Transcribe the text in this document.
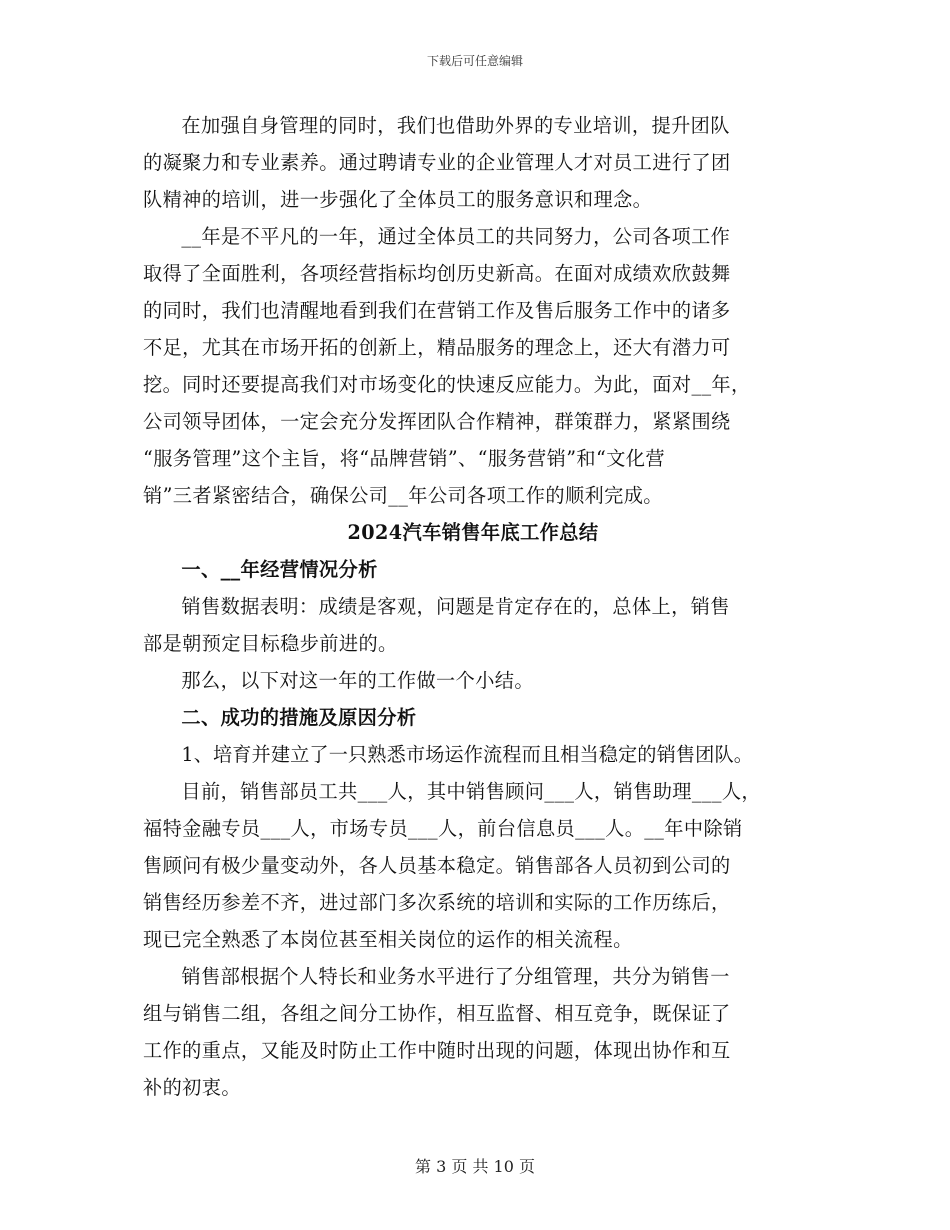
下载后可任意编辑

在加强自身管理的同时，我们也借助外界的专业培训，提升团队
的凝聚力和专业素养。通过聘请专业的企业管理人才对员工进行了团
队精神的培训，进一步强化了全体员工的服务意识和理念。

__年是不平凡的一年，通过全体员工的共同努力，公司各项工作
取得了全面胜利，各项经营指标均创历史新高。在面对成绩欢欣鼓舞
的同时，我们也清醒地看到我们在营销工作及售后服务工作中的诸多
不足，尤其在市场开拓的创新上，精品服务的理念上，还大有潜力可
挖。同时还要提高我们对市场变化的快速反应能力。为此，面对__年，
公司领导团体，一定会充分发挥团队合作精神，群策群力，紧紧围绕
“服务管理”这个主旨，将“品牌营销”、“服务营销”和“文化营
销”三者紧密结合，确保公司__年公司各项工作的顺利完成。

2024汽车销售年底工作总结
一、__年经营情况分析

销售数据表明：成绩是客观，问题是肯定存在的，总体上，销售
部是朝预定目标稳步前进的。

那么，以下对这一年的工作做一个小结。

二、成功的措施及原因分析

1、培育并建立了一只熟悉市场运作流程而且相当稳定的销售团队。

目前，销售部员工共___人，其中销售顾问___人，销售助理___人，
福特金融专员___人，市场专员___人，前台信息员___人。__年中除销
售顾问有极少量变动外，各人员基本稳定。销售部各人员初到公司的
销售经历参差不齐，进过部门多次系统的培训和实际的工作历练后，
现已完全熟悉了本岗位甚至相关岗位的运作的相关流程。

销售部根据个人特长和业务水平进行了分组管理，共分为销售一
组与销售二组，各组之间分工协作，相互监督、相互竞争，既保证了
工作的重点，又能及时防止工作中随时出现的问题，体现出协作和互
补的初衷。

第 3 页 共 10 页
